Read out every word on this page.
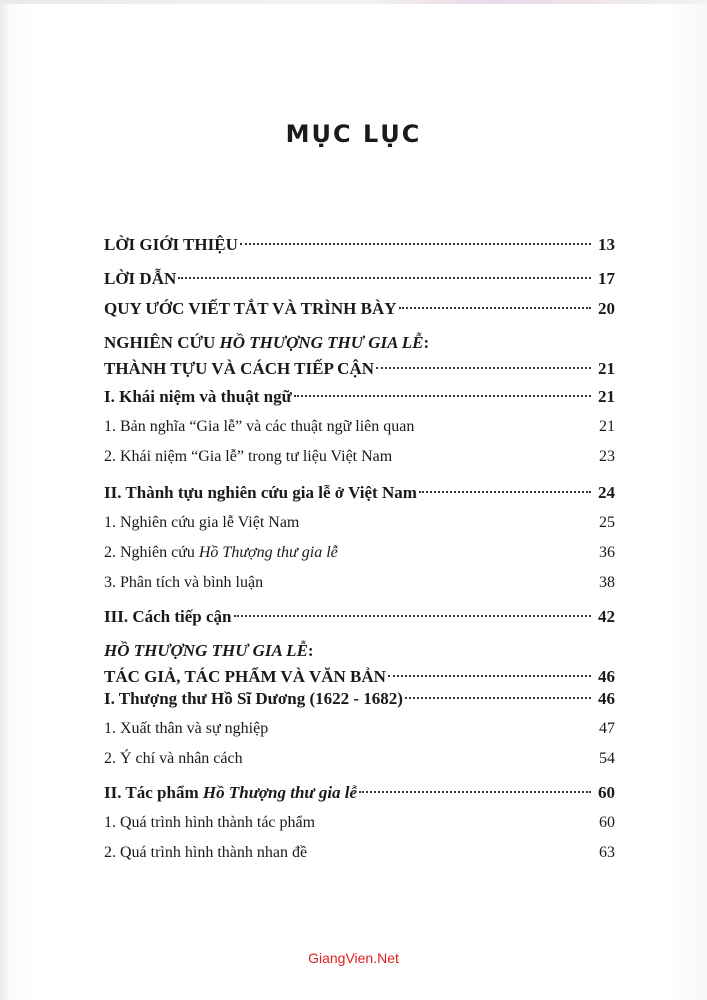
MỤC LỤC
LỜI GIỚI THIỆU	13
LỜI DẪN	17
QUY ƯỚC VIẾT TẮT VÀ TRÌNH BÀY	20
NGHIÊN CỨU HỒ THƯỢNG THƯ GIA LỄ:
THÀNH TỰU VÀ CÁCH TIẾP CẬN	21
I. Khái niệm và thuật ngữ	21
1. Bản nghĩa “Gia lễ” và các thuật ngữ liên quan	21
2. Khái niệm “Gia lễ” trong tư liệu Việt Nam	23
II. Thành tựu nghiên cứu gia lễ ở Việt Nam	24
1. Nghiên cứu gia lễ Việt Nam	25
2. Nghiên cứu Hồ Thượng thư gia lễ	36
3. Phân tích và bình luận	38
III. Cách tiếp cận	42
HỒ THƯỢNG THƯ GIA LỄ:
TÁC GIẢ, TÁC PHẨM VÀ VĂN BẢN	46
I. Thượng thư Hồ Sĩ Dương (1622 - 1682)	46
1. Xuất thân và sự nghiệp	47
2. Ý chí và nhân cách	54
II. Tác phẩm Hồ Thượng thư gia lễ	60
1. Quá trình hình thành tác phẩm	60
2. Quá trình hình thành nhan đề	63
GiangVien.Net
